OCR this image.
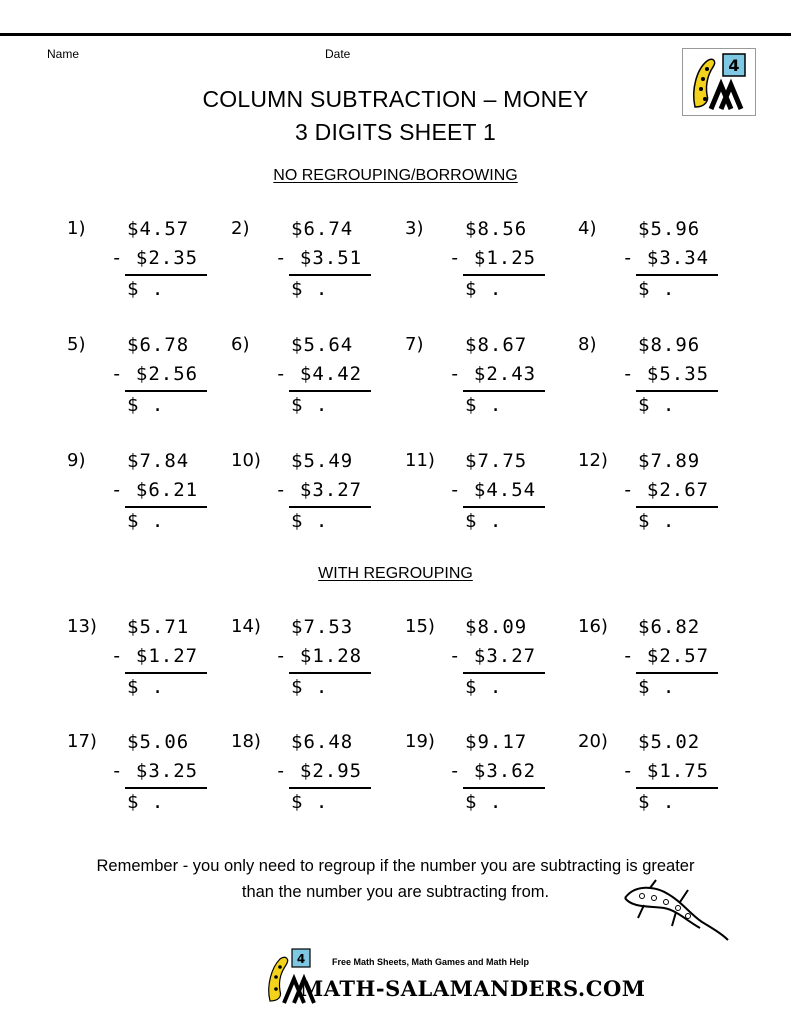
Name	Date
4
COLUMN SUBTRACTION – MONEY
3 DIGITS SHEET 1
NO REGROUPING/BORROWING
WITH REGROUPING
1) $4.57
- $2.35
$ .
2) $6.74
- $3.51
$ .
3) $8.56
- $1.25
$ .
4) $5.96
- $3.34
$ .
5) $6.78
- $2.56
$ .
6) $5.64
- $4.42
$ .
7) $8.67
- $2.43
$ .
8) $8.96
- $5.35
$ .
9) $7.84
- $6.21
$ .
10) $5.49
- $3.27
$ .
11) $7.75
- $4.54
$ .
12) $7.89
- $2.67
$ .
13) $5.71
- $1.27
$ .
14) $7.53
- $1.28
$ .
15) $8.09
- $3.27
$ .
16) $6.82
- $2.57
$ .
17) $5.06
- $3.25
$ .
18) $6.48
- $2.95
$ .
19) $9.17
- $3.62
$ .
20) $5.02
- $1.75
$ .
Remember - you only need to regroup if the number you are subtracting is greater
than the number you are subtracting from.
4	Free Math Sheets, Math Games and Math Help
MATH-SALAMANDERS.COM
